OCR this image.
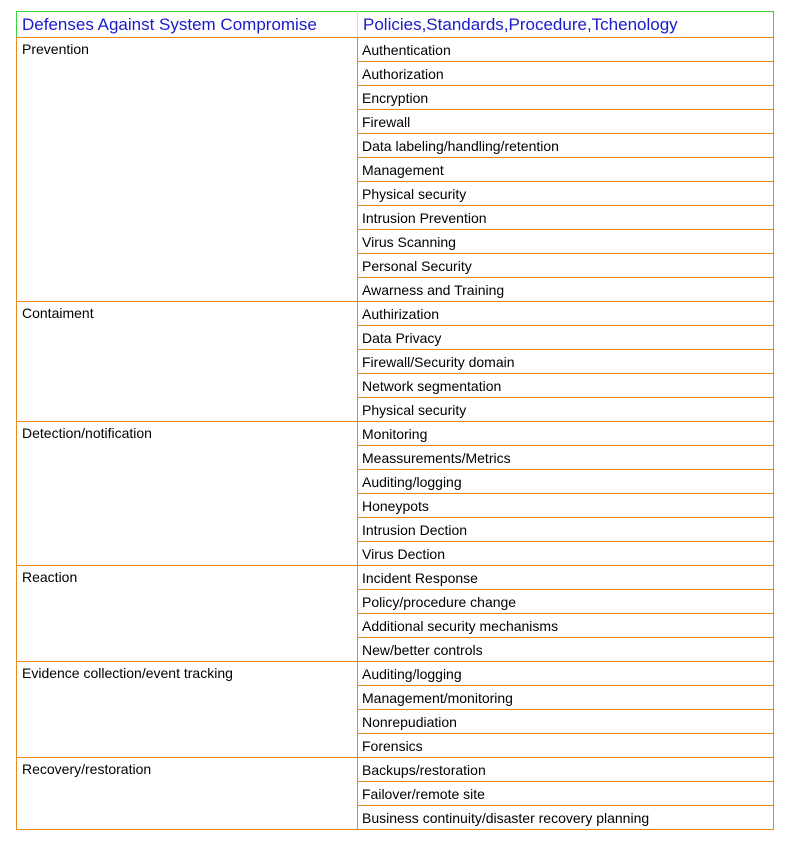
Defenses Against System Compromise	Policies,Standards,Procedure,Tchenology
Prevention	Authentication
	Authorization
	Encryption
	Firewall
	Data labeling/handling/retention
	Management
	Physical security
	Intrusion Prevention
	Virus Scanning
	Personal Security
	Awarness and Training
Contaiment	Authirization
	Data Privacy
	Firewall/Security domain
	Network segmentation
	Physical security
Detection/notification	Monitoring
	Meassurements/Metrics
	Auditing/logging
	Honeypots
	Intrusion Dection
	Virus Dection
Reaction	Incident Response
	Policy/procedure change
	Additional security mechanisms
	New/better controls
Evidence collection/event tracking	Auditing/logging
	Management/monitoring
	Nonrepudiation
	Forensics
Recovery/restoration	Backups/restoration
	Failover/remote site
	Business continuity/disaster recovery planning
